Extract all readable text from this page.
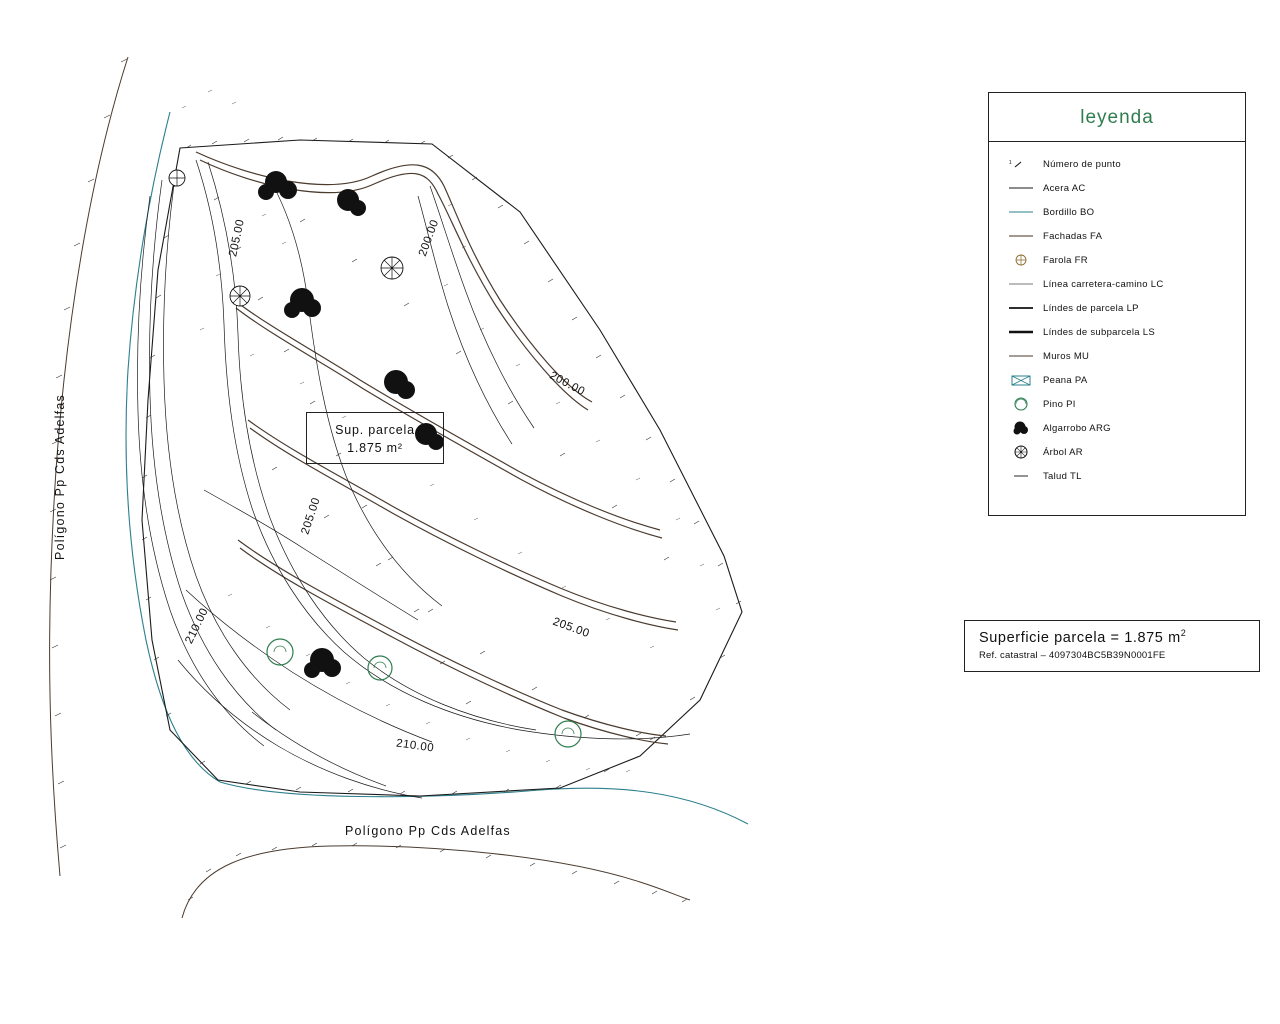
Polígono Pp Cds Adelfas
Polígono Pp Cds Adelfas
Sup. parcela
1.875 m²
205.00	200.00
200.00
205.00
205.00
210.00
210.00
leyenda
1	Número de punto
Acera AC
Bordillo BO
Fachadas FA
Farola FR
Línea carretera-camino LC
Líndes de parcela LP
Líndes de subparcela LS
Muros MU
Peana PA
Pino PI
Algarrobo ARG
Árbol AR
Talud TL
Superficie parcela = 1.875 $m^2$
Ref. catastral – 4097304BC5B39N0001FE
